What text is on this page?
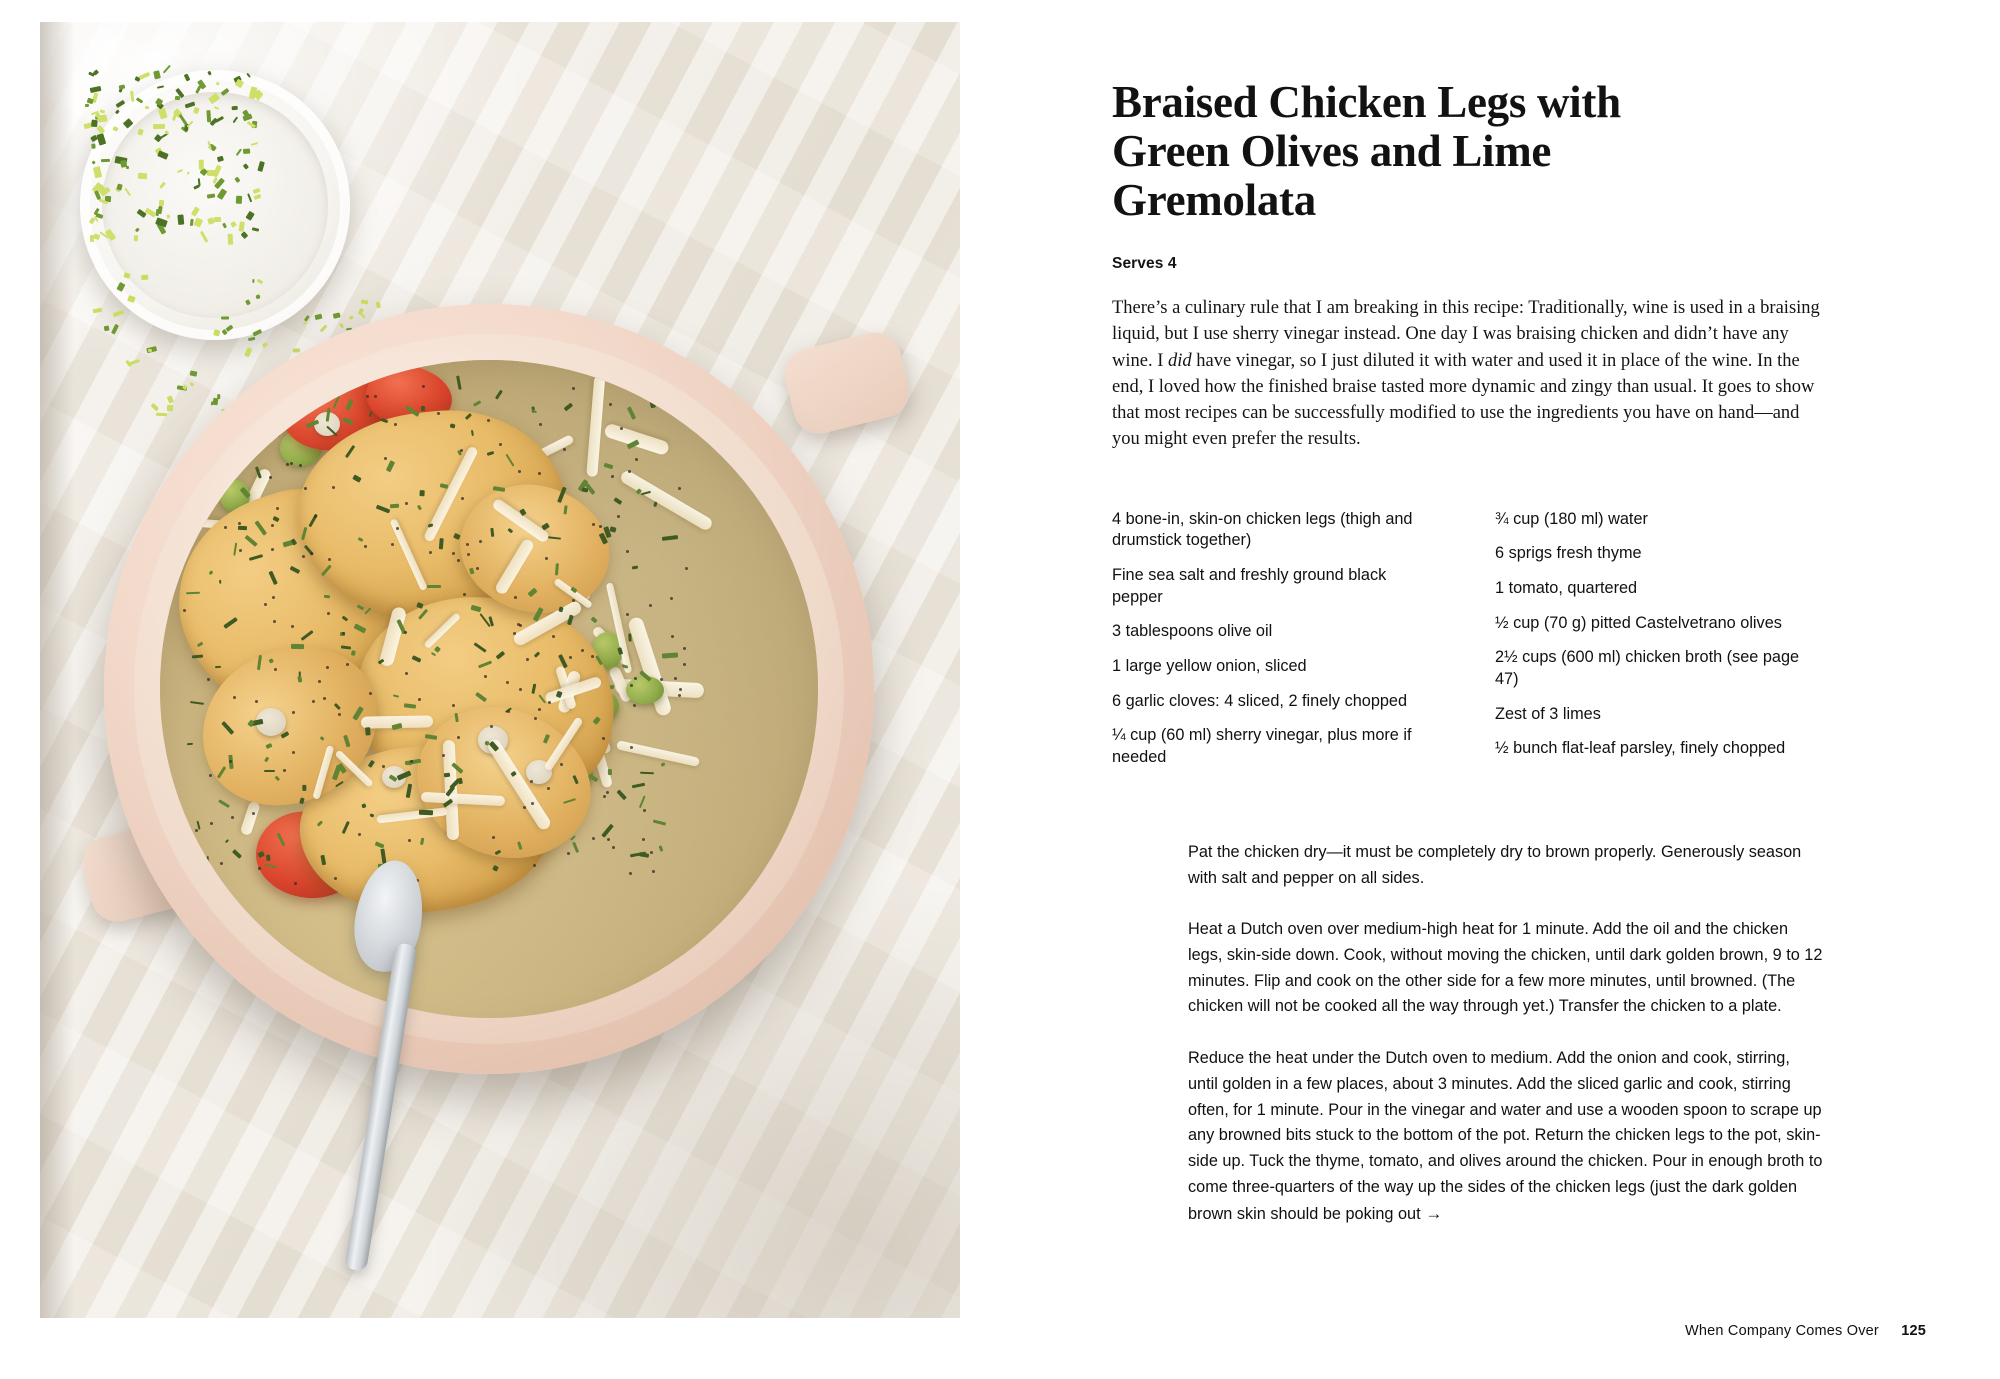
Braised Chicken Legs with Green Olives and Lime Gremolata

Serves 4

There’s a culinary rule that I am breaking in this recipe: Traditionally, wine is used in a braising liquid, but I use sherry vinegar instead. One day I was braising chicken and didn’t have any wine. I did have vinegar, so I just diluted it with water and used it in place of the wine. In the end, I loved how the finished braise tasted more dynamic and zingy than usual. It goes to show that most recipes can be successfully modified to use the ingredients you have on hand—and you might even prefer the results.

4 bone-in, skin-on chicken legs (thigh and drumstick together)
Fine sea salt and freshly ground black pepper
3 tablespoons olive oil
1 large yellow onion, sliced
6 garlic cloves: 4 sliced, 2 finely chopped
¼ cup (60 ml) sherry vinegar, plus more if needed
¾ cup (180 ml) water
6 sprigs fresh thyme
1 tomato, quartered
½ cup (70 g) pitted Castelvetrano olives
2½ cups (600 ml) chicken broth (see page 47)
Zest of 3 limes
½ bunch flat-leaf parsley, finely chopped

Pat the chicken dry—it must be completely dry to brown properly. Generously season with salt and pepper on all sides.

Heat a Dutch oven over medium-high heat for 1 minute. Add the oil and the chicken legs, skin-side down. Cook, without moving the chicken, until dark golden brown, 9 to 12 minutes. Flip and cook on the other side for a few more minutes, until browned. (The chicken will not be cooked all the way through yet.) Transfer the chicken to a plate.

Reduce the heat under the Dutch oven to medium. Add the onion and cook, stirring, until golden in a few places, about 3 minutes. Add the sliced garlic and cook, stirring often, for 1 minute. Pour in the vinegar and water and use a wooden spoon to scrape up any browned bits stuck to the bottom of the pot. Return the chicken legs to the pot, skin-side up. Tuck the thyme, tomato, and olives around the chicken. Pour in enough broth to come three-quarters of the way up the sides of the chicken legs (just the dark golden brown skin should be poking out →

When Company Comes Over 125
